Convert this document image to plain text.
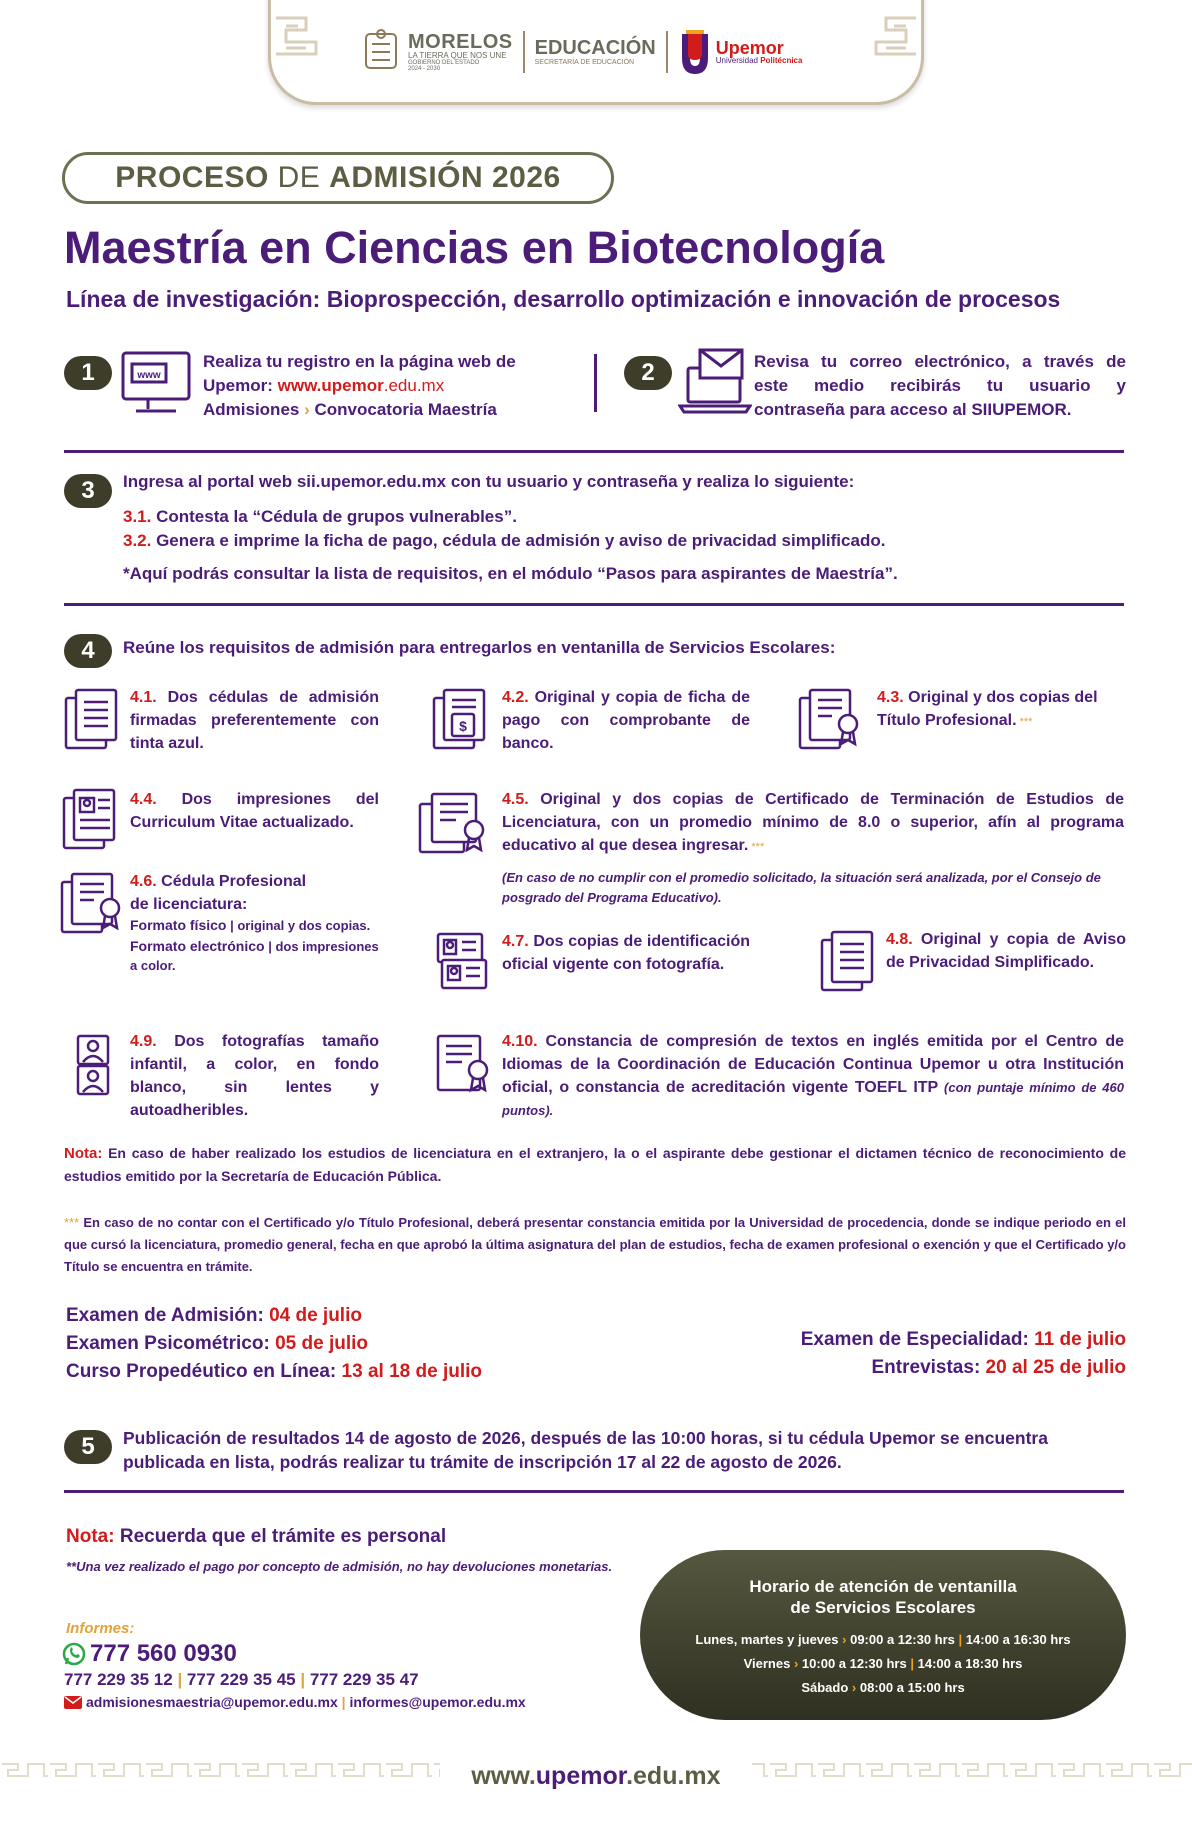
MORELOS
LA TIERRA QUE NOS UNE
GOBIERNO DEL ESTADO
2024 - 2030
EDUCACIÓN
SECRETARÍA DE EDUCACIÓN
Upemor
Universidad Politécnica
PROCESO DE ADMISIÓN 2026
Maestría en Ciencias en Biotecnología
Línea de investigación: Bioprospección, desarrollo optimización e innovación de procesos
1	www
Realiza tu registro en la página web de
Upemor: www.upemor.edu.mx
Admisiones › Convocatoria Maestría
2	Revisa tu correo electrónico, a través de
este medio recibirás tu usuario y
contraseña para acceso al SIIUPEMOR.
3	Ingresa al portal web sii.upemor.edu.mx con tu usuario y contraseña y realiza lo siguiente:
3.1. Contesta la “Cédula de grupos vulnerables”.
3.2. Genera e imprime la ficha de pago, cédula de admisión y aviso de privacidad simplificado.
*Aquí podrás consultar la lista de requisitos, en el módulo “Pasos para aspirantes de Maestría”.
4	Reúne los requisitos de admisión para entregarlos en ventanilla de Servicios Escolares:
4.1. Dos cédulas de admisión firmadas preferentemente con tinta azul.
$
4.2. Original y copia de ficha de pago con comprobante de banco.
4.3. Original y dos copias del Título Profesional. ***
4.4. Dos impresiones del Curriculum Vitae actualizado.
4.5. Original y dos copias de Certificado de Terminación de Estudios de Licenciatura, con un promedio mínimo de 8.0 o superior, afín al programa educativo al que desea ingresar. ***
(En caso de no cumplir con el promedio solicitado, la situación será analizada, por el Consejo de posgrado del Programa Educativo).
4.6. Cédula Profesional
de licenciatura:
Formato físico | original y dos copias.
Formato electrónico | dos impresiones a color.
4.7. Dos copias de identificación oficial vigente con fotografía.
4.8. Original y copia de Aviso de Privacidad Simplificado.
4.9. Dos fotografías tamaño infantil, a color, en fondo blanco, sin lentes y autoadheribles.
4.10. Constancia de compresión de textos en inglés emitida por el Centro de Idiomas de la Coordinación de Educación Continua Upemor u otra Institución oficial, o constancia de acreditación vigente TOEFL ITP (con puntaje mínimo de 460 puntos).
Nota: En caso de haber realizado los estudios de licenciatura en el extranjero, la o el aspirante debe gestionar el dictamen técnico de reconocimiento de estudios emitido por la Secretaría de Educación Pública.
*** En caso de no contar con el Certificado y/o Título Profesional, deberá presentar constancia emitida por la Universidad de procedencia, donde se indique periodo en el que cursó la licenciatura, promedio general, fecha en que aprobó la última asignatura del plan de estudios, fecha de examen profesional o exención y que el Certificado y/o Título se encuentra en trámite.
Examen de Admisión: 04 de julio
Examen Psicométrico: 05 de julio
Curso Propedéutico en Línea: 13 al 18 de julio
Examen de Especialidad: 11 de julio
Entrevistas: 20 al 25 de julio
5	Publicación de resultados 14 de agosto de 2026, después de las 10:00 horas, si tu cédula Upemor se encuentra publicada en lista, podrás realizar tu trámite de inscripción 17 al 22 de agosto de 2026.
Nota: Recuerda que el trámite es personal
**Una vez realizado el pago por concepto de admisión, no hay devoluciones monetarias.
Informes:
777 560 0930
777 229 35 12 | 777 229 35 45 | 777 229 35 47
admisionesmaestria@upemor.edu.mx | informes@upemor.edu.mx
Horario de atención de ventanilla
de Servicios Escolares
Lunes, martes y jueves › 09:00 a 12:30 hrs | 14:00 a 16:30 hrs
Viernes › 10:00 a 12:30 hrs | 14:00 a 18:30 hrs
Sábado › 08:00 a 15:00 hrs
www.upemor.edu.mx
